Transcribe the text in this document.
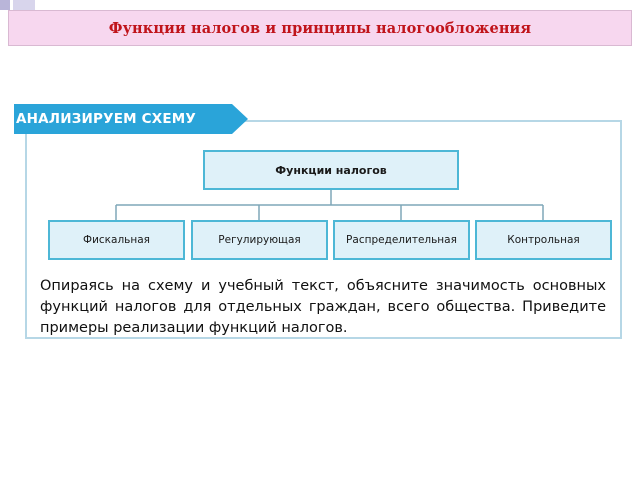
Функции налогов и принципы налогообложения
АНАЛИЗИРУЕМ СХЕМУ
Функции налогов
Фискальная	Регулирующая	Распределительная	Контрольная
Опираясь на схему и учебный текст, объясните значимость основных функций налогов для отдельных граждан, всего общества. Приведите примеры реализации функций налогов.
